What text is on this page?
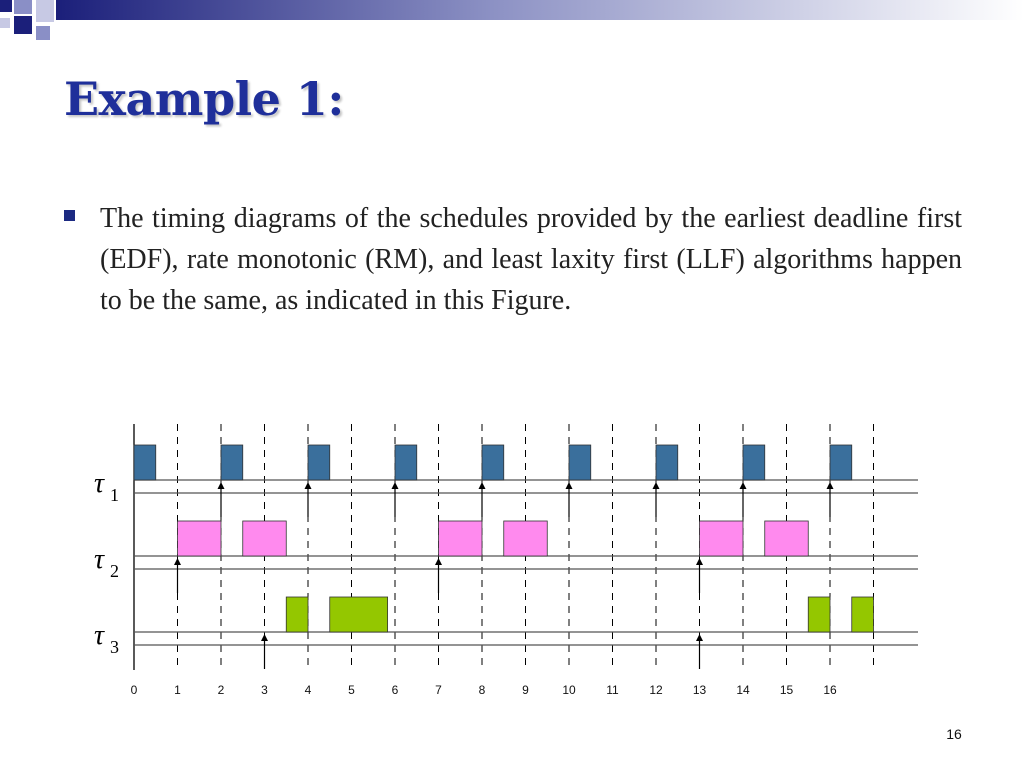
Example 1:

The timing diagrams of the schedules provided by the earliest deadline first (EDF), rate monotonic (RM), and least laxity first (LLF) algorithms happen to be the same, as indicated in this Figure.

τ 1
τ 2
τ 3
0	1	2	3	4	5	6	7	8	9	10	11	12	13	14	15	16
16
